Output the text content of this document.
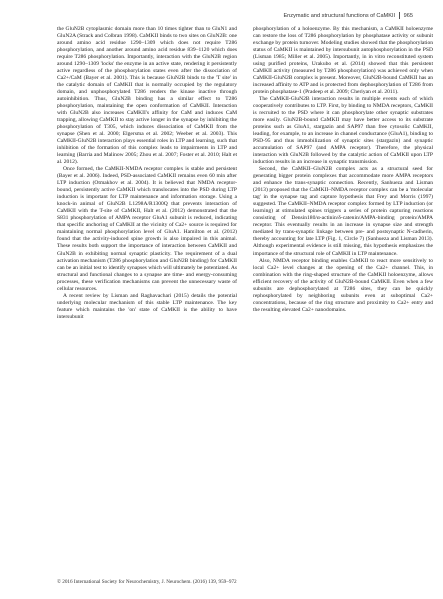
Enzymatic and structural functions of CaMKII 965

the GluN2B cytoplasmic domain more than 10 times tighter than to GluN1 and GluN2A (Strack and Colbran 1998). CaMKII binds to two sites on GluN2B: one around amino acid residue 1290–1309 which does not require T286 phosphorylation, and another around amino acid residue 839–1120 which does require T286 phosphorylation. Importantly, interaction with the GluN2B region around 1290–1309 'locks' the enzyme in an active state, rendering it persistently active regardless of the phosphorylation states even after the dissociation of Ca2+/CaM (Bayer et al. 2001). This is because GluN2B binds to the 'T site' in the catalytic domain of CaMKII that is normally occupied by the regulatory domain, and unphosphorylated T286 renders the kinase inactive through autoinhibition. Thus, GluN2B binding has a similar effect to T286 phosphorylation, maintaining the open conformation of CaMKII. Interaction with GluN2B also increases CaMKII's affinity for CaM and induces CaM trapping, allowing CaMKII to stay active longer in the synapse by inhibiting the phosphorylation of T305, which induces dissociation of CaMKII from the synapse (Shen et al. 2000; Elgersma et al. 2002; Weeber et al. 2003). This CaMKII-GluN2B interaction plays essential roles in LTP and learning, such that inhibition of the formation of this complex leads to impairments in LTP and learning (Barria and Malinow 2005; Zhou et al. 2007; Foster et al. 2010; Halt et al. 2012).

Once formed, the CaMKII-NMDA receptor complex is stable and persistent (Bayer et al. 2006). Indeed, PSD-associated CaMKII remains even 60 min after LTP induction (Otmakhov et al. 2004). It is believed that NMDA receptor-bound, persistently active CaMKII which translocates into the PSD during LTP induction is important for LTP maintenance and information storage. Using a knock-in animal of GluN2B L1298A/R1300Q that prevents interaction of CaMKII with the T-site of CaMKII, Halt et al. (2012) demonstrated that the S831 phosphorylation of AMPA receptor GluA1 subunit is reduced, indicating that specific anchoring of CaMKII at the vicinity of Ca2+ source is required for maintaining normal phosphorylation level of GluA1. Hamilton et al. (2012) found that the activity-induced spine growth is also impaired in this animal. These results both support the importance of interaction between CaMKII and GluN2B in exhibiting normal synaptic plasticity. The requirement of a dual activation mechanism (T286 phosphorylation and GluN2B binding) for CaMKII can be an initial test to identify synapses which will ultimately be potentiated. As structural and functional changes to a synapse are time- and energy-consuming processes, these verification mechanisms can prevent the unnecessary waste of cellular resources.

A recent review by Lisman and Raghavachari (2015) details the potential underlying molecular mechanism of this stable LTP maintenance. The key feature which maintains the 'on' state of CaMKII is the ability to have intersubunit

phosphorylation of a holoenzyme. By this mechanism, a CaMKII holoenzyme can restore the loss of T286 phosphorylation by phosphatase activity or subunit exchange by protein turnover. Modeling studies showed that the phosphorylation status of CaMKII is maintained by intersubunit autophosphorylation in the PSD (Lisman 1985; Miller et al. 2005). Importantly, in in vitro reconstituted system using purified proteins, Urakubo et al. (2014) showed that this persistent CaMKII activity (measured by T286 phosphorylation) was achieved only when CaMKII-GluN2B complex is present. Moreover, GluN2B-bound CaMKII has an increased affinity to ATP and is protected from dephosphorylation of T286 from protein phosphatase-1 (Pradeep et al. 2009; Cheriyan et al. 2011).

The CaMKII-GluN2B interaction results in multiple events each of which cooperatively contributes to LTP. First, by binding to NMDA receptors, CaMKII is recruited to the PSD where it can phosphorylate other synaptic substrates more easily. GluN2B-bound CaMKII may have better access to its substrate proteins such as GluA1, stargazin and SAP97 than free cytosolic CaMKII, leading, for example, to an increase in channel conductance (GluA1), binding to PSD-95 and thus immobilization of synaptic sites (stargazin) and synaptic accumulation of SAP97 (and AMPA receptor). Therefore, the physical interaction with GluN2B followed by the catalytic action of CaMKII upon LTP induction results in an increase in synaptic transmission.

Second, the CaMKII–GluN2B complex acts as a structural seed for generating bigger protein complexes that accommodate more AMPA receptors and enhance the trans-synaptic connection. Recently, Sanhueza and Lisman (2013) proposed that the CaMKII–NMDA receptor complex can be a 'molecular tag' in the synapse tag and capture hypothesis that Frey and Morris (1997) suggested. The CaMKII–NMDA receptor complex formed by LTP induction (or learning) at stimulated spines triggers a series of protein capturing reactions consisting of Densin180/α-actinin/δ-catenin/AMPA-binding protein/AMPA receptor. This eventually results in an increase in synapse size and strength mediated by trans-synaptic linkage between pre- and postsynaptic N-cadherin, thereby accounting for late LTP (Fig. 1, Circle 7) (Sanhueza and Lisman 2013). Although experimental evidence is still missing, this hypothesis emphasizes the importance of the structural role of CaMKII in LTP maintenance.

Also, NMDA receptor binding enables CaMKII to react more sensitively to local Ca2+ level changes at the opening of the Ca2+ channel. This, in combination with the ring-shaped structure of the CaMKII holoenzyme, allows efficient recovery of the activity of GluN2B-bound CaMKII. Even when a few subunits are dephosphorylated at T286 sites, they can be quickly rephosphorylated by neighboring subunits even at suboptimal Ca2+ concentrations, because of the ring structure and proximity to Ca2+ entry and the resulting elevated Ca2+ nanodomains.

© 2016 International Society for Neurochemistry, J. Neurochem. (2016) 139, 959–972
